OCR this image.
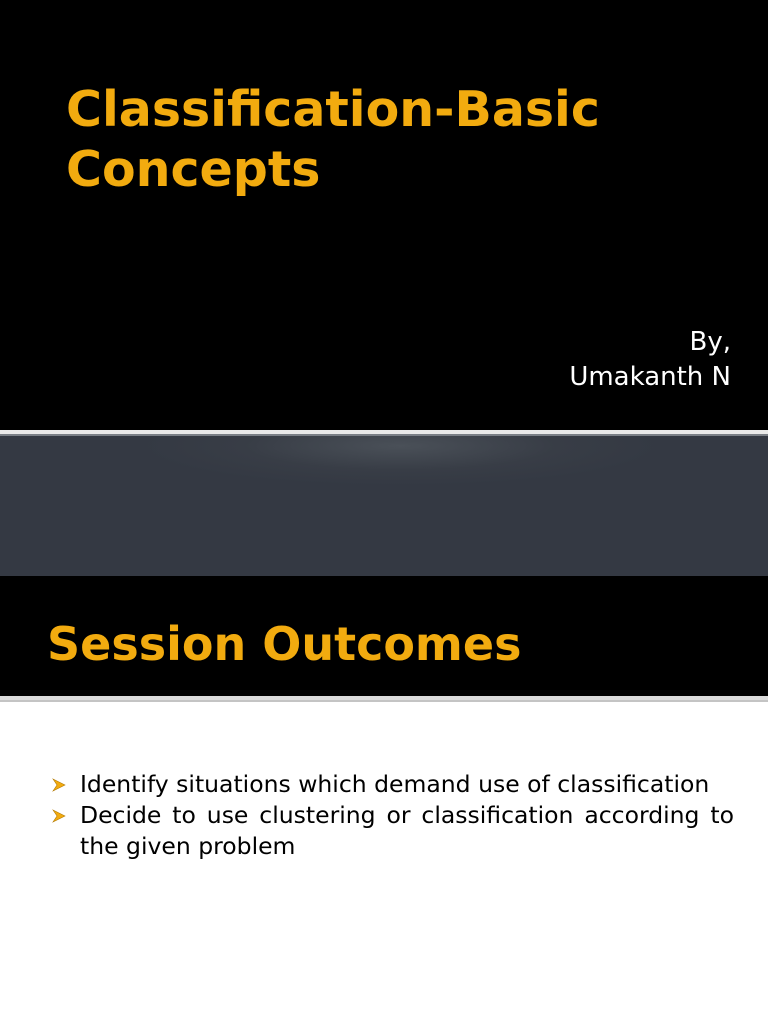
Classification-Basic Concepts
By,
Umakanth N
Session Outcomes
Identify situations which demand use of classification
Decide to use clustering or classification according to the given problem
